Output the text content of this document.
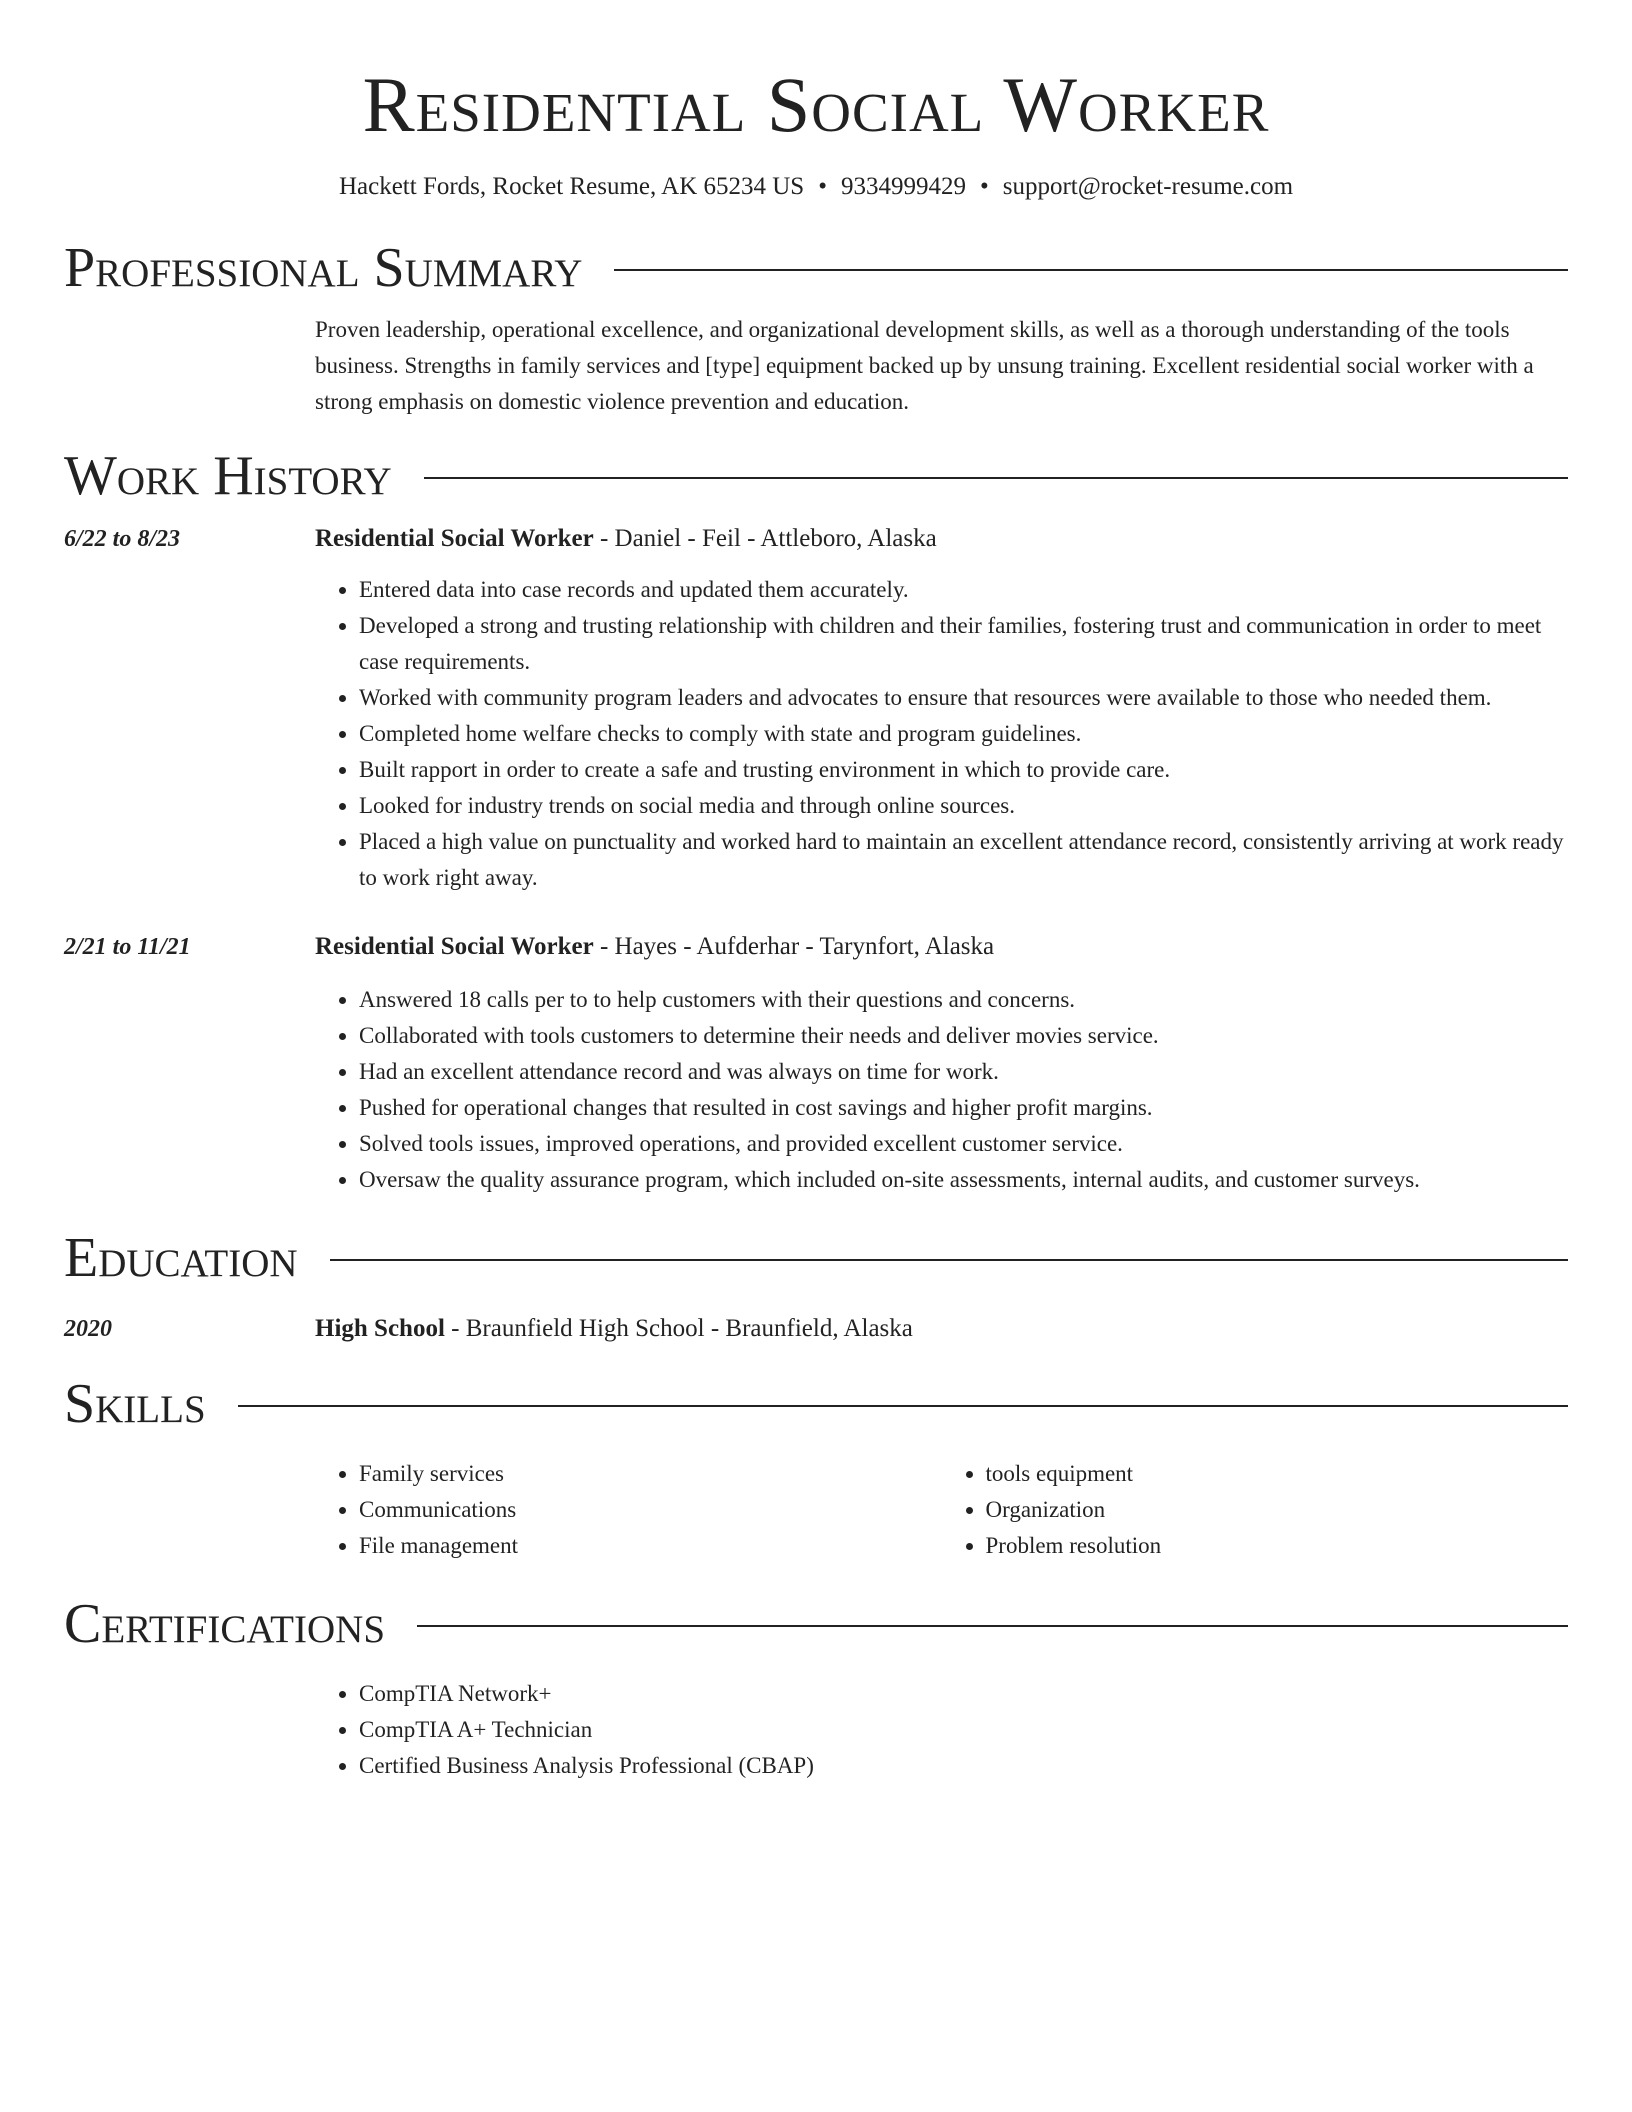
Residential Social Worker
Hackett Fords, Rocket Resume, AK 65234 US • 9334999429 • support@rocket-resume.com
Professional Summary

Proven leadership, operational excellence, and organizational development skills, as well as a thorough understanding of the tools business. Strengths in family services and [type] equipment backed up by unsung training. Excellent residential social worker with a strong emphasis on domestic violence prevention and education.

Work History
6/22 to 8/23	Residential Social Worker - Daniel - Feil - Attleboro, Alaska
• Entered data into case records and updated them accurately.
• Developed a strong and trusting relationship with children and their families, fostering trust and communication in order to meet case requirements.
• Worked with community program leaders and advocates to ensure that resources were available to those who needed them.
• Completed home welfare checks to comply with state and program guidelines.
• Built rapport in order to create a safe and trusting environment in which to provide care.
• Looked for industry trends on social media and through online sources.
• Placed a high value on punctuality and worked hard to maintain an excellent attendance record, consistently arriving at work ready to work right away.
2/21 to 11/21	Residential Social Worker - Hayes - Aufderhar - Tarynfort, Alaska
• Answered 18 calls per to to help customers with their questions and concerns.
• Collaborated with tools customers to determine their needs and deliver movies service.
• Had an excellent attendance record and was always on time for work.
• Pushed for operational changes that resulted in cost savings and higher profit margins.
• Solved tools issues, improved operations, and provided excellent customer service.
• Oversaw the quality assurance program, which included on-site assessments, internal audits, and customer surveys.
Education
2020	High School - Braunfield High School - Braunfield, Alaska
Skills
• Family services
• Communications
• File management
• tools equipment
• Organization
• Problem resolution
Certifications
• CompTIA Network+
• CompTIA A+ Technician
• Certified Business Analysis Professional (CBAP)
